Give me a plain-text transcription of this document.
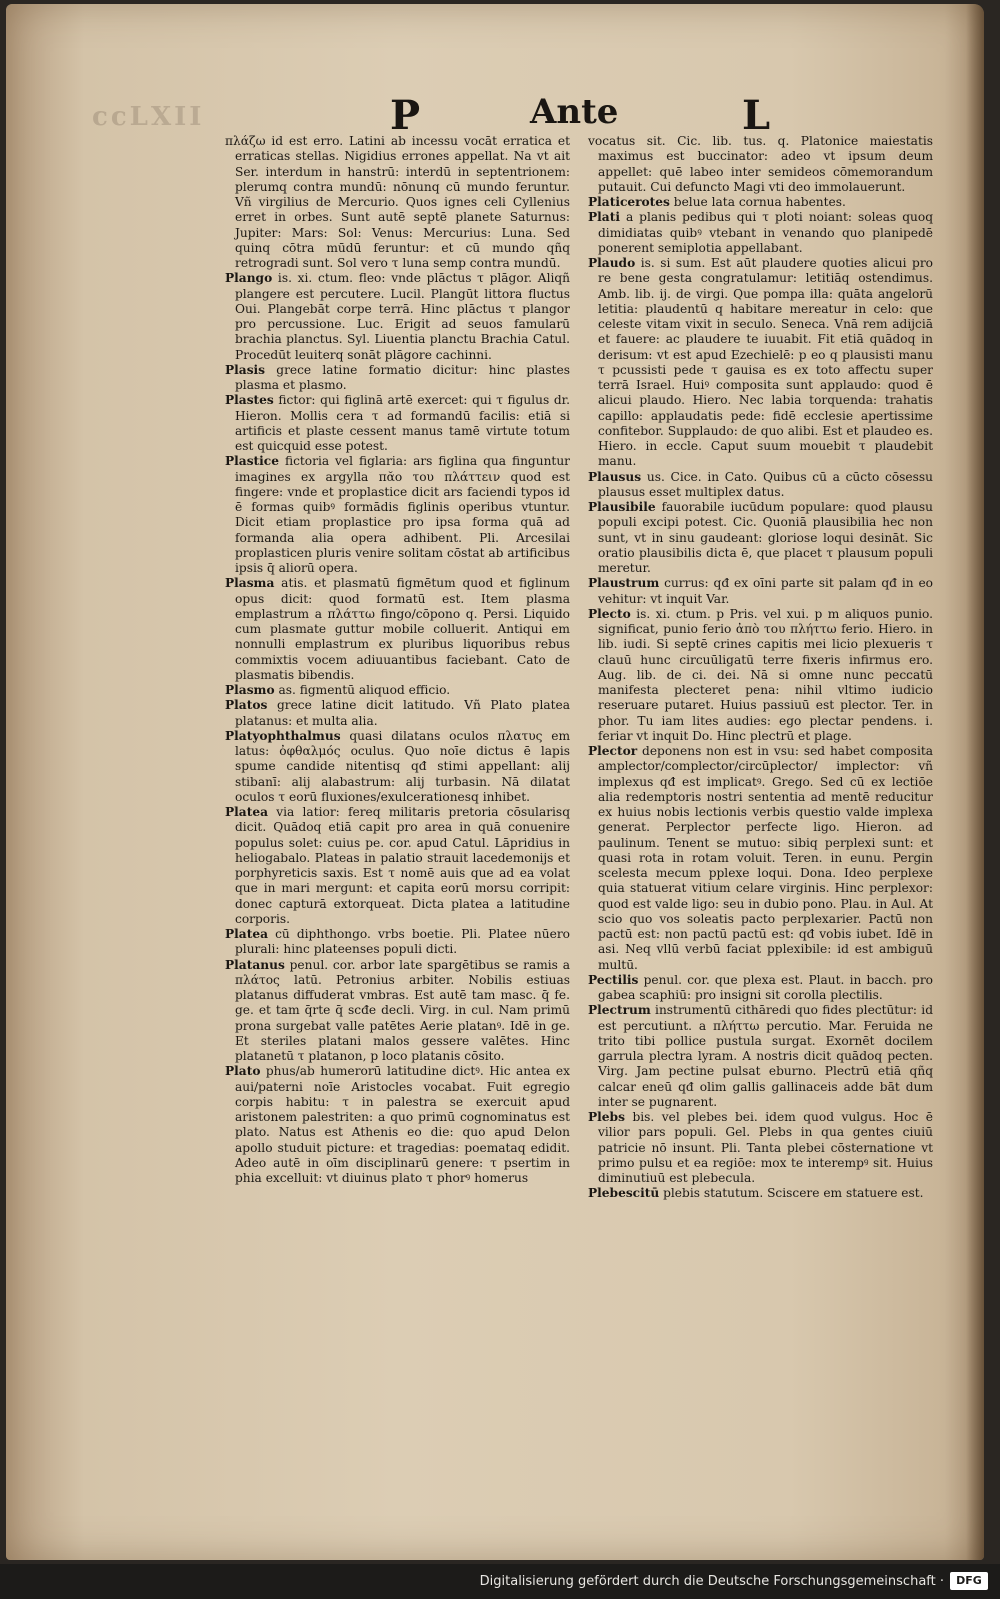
ccLXII	P	Ante	L

πλάζω id est erro. Latini ab incessu vocāt erratica et erraticas stellas. Nigidius errones appellat. Na vt ait Ser. interdum in hanstrū: interdū in septentrionem: plerumq contra mundū: nōnunq cū mundo feruntur. Vñ virgilius de Mercurio. Quos ignes celi Cyllenius erret in orbes. Sunt autē septē planete Saturnus: Jupiter: Mars: Sol: Venus: Mercurius: Luna. Sed quinq cōtra mūdū feruntur: et cū mundo qñq retrogradi sunt. Sol vero τ luna semp contra mundū.

Plango is. xi. ctum. fleo: vnde plāctus τ plāgor. Aliqñ plangere est percutere. Lucil. Plangūt littora fluctus Oui. Plangebāt corpe terrā. Hinc plāctus τ plangor pro percussione. Luc. Erigit ad seuos famularū brachia planctus. Syl. Liuentia planctu Brachia Catul. Procedūt leuiterq sonāt plāgore cachinni.

Plasis grece latine formatio dicitur: hinc plastes plasma et plasmo.

Plastes fictor: qui figlinā artē exercet: qui τ figulus dr. Hieron. Mollis cera τ ad formandū facilis: etiā si artificis et plaste cessent manus tamē virtute totum est quicquid esse potest.

Plastice fictoria vel figlaria: ars figlina qua finguntur imagines ex argylla πᾰο του πλάττειν quod est fingere: vnde et proplastice dicit ars faciendi typos id ē formas quibꝰ formādis figlinis operibus vtuntur. Dicit etiam proplastice pro ipsa forma quā ad formanda alia opera adhibent. Pli. Arcesilai proplasticen pluris venire solitam cōstat ab artificibus ipsis q̄ aliorū opera.

Plasma atis. et plasmatū figmētum quod et figlinum opus dicit: quod formatū est. Item plasma emplastrum a πλάττω fingo/cōpono q. Persi. Liquido cum plasmate guttur mobile colluerit. Antiqui em nonnulli emplastrum ex pluribus liquoribus rebus commixtis vocem adiuuantibus faciebant. Cato de plasmatis bibendis.

Plasmo as. figmentū aliquod efficio.

Platos grece latine dicit latitudo. Vñ Plato platea platanus: et multa alia.

Platyophthalmus quasi dilatans oculos πλατυς em latus: ὀφθαλμός oculus. Quo noīe dictus ē lapis spume candide nitentisq qđ stimi appellant: alij stibanī: alij alabastrum: alij turbasin. Nā dilatat oculos τ eorū fluxiones/exulcerationesq inhibet.

Platea via latior: fereq militaris pretoria cōsularisq dicit. Quādoq etiā capit pro area in quā conuenire populus solet: cuius pe. cor. apud Catul. Lāpridius in heliogabalo. Plateas in palatio strauit lacedemonijs et porphyreticis saxis. Est τ nomē auis que ad ea volat que in mari mergunt: et capita eorū morsu corripit: donec capturā extorqueat. Dicta platea a latitudine corporis.

Platea cū diphthongo. vrbs boetie. Pli. Platee nūero plurali: hinc plateenses populi dicti.

Platanus penul. cor. arbor late spargētibus se ramis a πλάτος latū. Petronius arbiter. Nobilis estiuas platanus diffuderat vmbras. Est autē tam masc. q̄ fe. ge. et tam q̄rte q̄ scđe decli. Virg. in cul. Nam primū prona surgebat valle patētes Aerie platanꝰ. Idē in ge. Et steriles platani malos gessere valētes. Hinc platanetū τ platanon, p loco platanis cōsito.

Plato phus/ab humerorū latitudine dictꝰ. Hic antea ex aui/paterni noīe Aristocles vocabat. Fuit egregio corpis habitu: τ in palestra se exercuit apud aristonem palestriten: a quo primū cognominatus est plato. Natus est Athenis eo die: quo apud Delon apollo studuit picture: et tragedias: poemataq edidit. Adeo autē in oīm disciplinarū genere: τ psertim in phia excelluit: vt diuinus plato τ phorꝰ homerus

vocatus sit. Cic. lib. tus. q. Platonice maiestatis maximus est buccinator: adeo vt ipsum deum appellet: quē labeo inter semideos cōmemorandum putauit. Cui defuncto Magi vti deo immolauerunt.

Platicerotes belue lata cornua habentes.

Plati a planis pedibus qui τ ploti noiant: soleas quoq dimidiatas quibꝰ vtebant in venando quo planipedē ponerent semiplotia appellabant.

Plaudo is. si sum. Est aūt plaudere quoties alicui pro re bene gesta congratulamur: letitiāq ostendimus. Amb. lib. ij. de virgi. Que pompa illa: quāta angelorū letitia: plaudentū q habitare mereatur in celo: que celeste vitam vixit in seculo. Seneca. Vnā rem adijciā et fauere: ac plaudere te iuuabit. Fit etiā quādoq in derisum: vt est apud Ezechielē: p eo q plausisti manu τ pcussisti pede τ gauisa es ex toto affectu super terrā Israel. Huiꝰ composita sunt applaudo: quod ē alicui plaudo. Hiero. Nec labia torquenda: trahatis capillo: applaudatis pede: fidē ecclesie apertissime confitebor. Supplaudo: de quo alibi. Est et plaudeo es. Hiero. in eccle. Caput suum mouebit τ plaudebit manu.

Plausus us. Cice. in Cato. Quibus cū a cūcto cōsessu plausus esset multiplex datus.

Plausibile fauorabile iucūdum populare: quod plausu populi excipi potest. Cic. Quoniā plausibilia hec non sunt, vt in sinu gaudeant: gloriose loqui desināt. Sic oratio plausibilis dicta ē, que placet τ plausum populi meretur.

Plaustrum currus: qđ ex oīni parte sit palam qđ in eo vehitur: vt inquit Var.

Plecto is. xi. ctum. p Pris. vel xui. p m aliquos punio. significat, punio ferio ἀπὸ του πλήττω ferio. Hiero. in lib. iudi. Si septē crines capitis mei licio plexueris τ clauū hunc circuūligatū terre fixeris infirmus ero. Aug. lib. de ci. dei. Nā si omne nunc peccatū manifesta plecteret pena: nihil vltimo iudicio reseruare putaret. Huius passiuū est plector. Ter. in phor. Tu iam lites audies: ego plectar pendens. i. feriar vt inquit Do. Hinc plectrū et plage.

Plector deponens non est in vsu: sed habet composita amplector/complector/circūplector/ implector: vñ implexus qđ est implicatꝰ. Grego. Sed cū ex lectiōe alia redemptoris nostri sententia ad mentē reducitur ex huius nobis lectionis verbis questio valde implexa generat. Perplector perfecte ligo. Hieron. ad paulinum. Tenent se mutuo: sibiq perplexi sunt: et quasi rota in rotam voluit. Teren. in eunu. Pergin scelesta mecum pplexe loqui. Dona. Ideo perplexe quia statuerat vitium celare virginis. Hinc perplexor: quod est valde ligo: seu in dubio pono. Plau. in Aul. At scio quo vos soleatis pacto perplexarier. Pactū non pactū est: non pactū pactū est: qđ vobis iubet. Idē in asi. Neq vllū verbū faciat pplexibile: id est ambiguū multū.

Pectilis penul. cor. que plexa est. Plaut. in bacch. pro gabea scaphiū: pro insigni sit corolla plectilis.

Plectrum instrumentū cithāredi quo fides plectūtur: id est percutiunt. a πλήττω percutio. Mar. Feruida ne trito tibi pollice pustula surgat. Exornēt docilem garrula plectra lyram. A nostris dicit quādoq pecten. Virg. Jam pectine pulsat eburno. Plectrū etiā qñq calcar eneū qđ olim gallis gallinaceis adde bāt dum inter se pugnarent.

Plebs bis. vel plebes bei. idem quod vulgus. Hoc ē vilior pars populi. Gel. Plebs in qua gentes ciuiū patricie nō insunt. Pli. Tanta plebei cōsternatione vt primo pulsu et ea regiōe: mox te interempꝰ sit. Huius diminutiuū est plebecula.

Plebescitū plebis statutum. Sciscere em statuere est.

Digitalisierung gefördert durch die Deutsche Forschungsgemeinschaft ·	DFG
